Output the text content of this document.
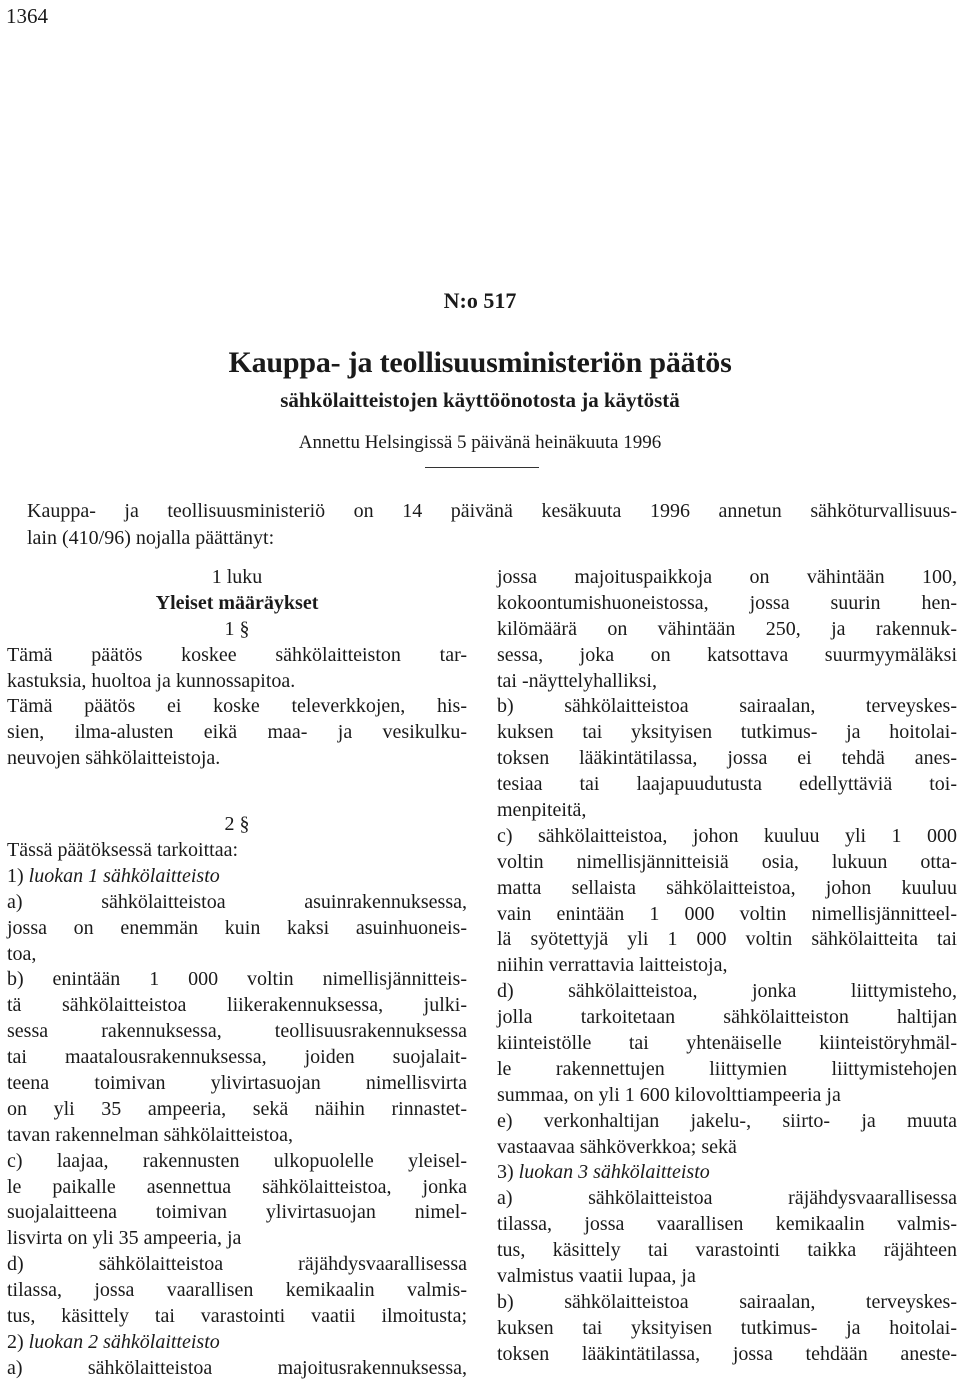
1364
N:o 517
Kauppa- ja teollisuusministeriön päätös
sähkölaitteistojen käyttöönotosta ja käytöstä
Annettu Helsingissä 5 päivänä heinäkuuta 1996

Kauppa- ja teollisuusministeriö on 14 päivänä kesäkuuta 1996 annetun sähköturvallisuus-
lain (410/96) nojalla päättänyt:

1 luku
Yleiset määräykset
1 §
Tämä päätös koskee sähkölaitteiston tar-
kastuksia, huoltoa ja kunnossapitoa.
Tämä päätös ei koske televerkkojen, his-
sien, ilma-alusten eikä maa- ja vesikulku-
neuvojen sähkölaitteistoja.
2 §
Tässä päätöksessä tarkoittaa:
1) luokan 1 sähkölaitteisto
a) sähkölaitteistoa asuinrakennuksessa,
jossa on enemmän kuin kaksi asuinhuoneis-
toa,
b) enintään 1 000 voltin nimellisjännitteis-
tä sähkölaitteistoa liikerakennuksessa, julki-
sessa rakennuksessa, teollisuusrakennuksessa
tai maatalousrakennuksessa, joiden suojalait-
teena toimivan ylivirtasuojan nimellisvirta
on yli 35 ampeeria, sekä näihin rinnastet-
tavan rakennelman sähkölaitteistoa,
c) laajaa, rakennusten ulkopuolelle yleisel-
le paikalle asennettua sähkölaitteistoa, jonka
suojalaitteena toimivan ylivirtasuojan nimel-
lisvirta on yli 35 ampeeria, ja
d) sähkölaitteistoa räjähdysvaarallisessa
tilassa, jossa vaarallisen kemikaalin valmis-
tus, käsittely tai varastointi vaatii ilmoitusta;
2) luokan 2 sähkölaitteisto
a) sähkölaitteistoa majoitusrakennuksessa,
jossa majoituspaikkoja on vähintään 100,
kokoontumishuoneistossa, jossa suurin hen-
kilömäärä on vähintään 250, ja rakennuk-
sessa, joka on katsottava suurmyymäläksi
tai -näyttelyhalliksi,
b) sähkölaitteistoa sairaalan, terveyskes-
kuksen tai yksityisen tutkimus- ja hoitolai-
toksen lääkintätilassa, jossa ei tehdä anes-
tesiaa tai laajapuudutusta edellyttäviä toi-
menpiteitä,
c) sähkölaitteistoa, johon kuuluu yli 1 000
voltin nimellisjännitteisiä osia, lukuun otta-
matta sellaista sähkölaitteistoa, johon kuuluu
vain enintään 1 000 voltin nimellisjännitteel-
lä syötettyjä yli 1 000 voltin sähkölaitteita tai
niihin verrattavia laitteistoja,
d) sähkölaitteistoa, jonka liittymisteho,
jolla tarkoitetaan sähkölaitteiston haltijan
kiinteistölle tai yhtenäiselle kiinteistöryhmäl-
le rakennettujen liittymien liittymistehojen
summaa, on yli 1 600 kilovolttiampeeria ja
e) verkonhaltijan jakelu-, siirto- ja muuta
vastaavaa sähköverkkoa; sekä
3) luokan 3 sähkölaitteisto
a) sähkölaitteistoa räjähdysvaarallisessa
tilassa, jossa vaarallisen kemikaalin valmis-
tus, käsittely tai varastointi taikka räjähteen
valmistus vaatii lupaa, ja
b) sähkölaitteistoa sairaalan, terveyskes-
kuksen tai yksityisen tutkimus- ja hoitolai-
toksen lääkintätilassa, jossa tehdään aneste-
